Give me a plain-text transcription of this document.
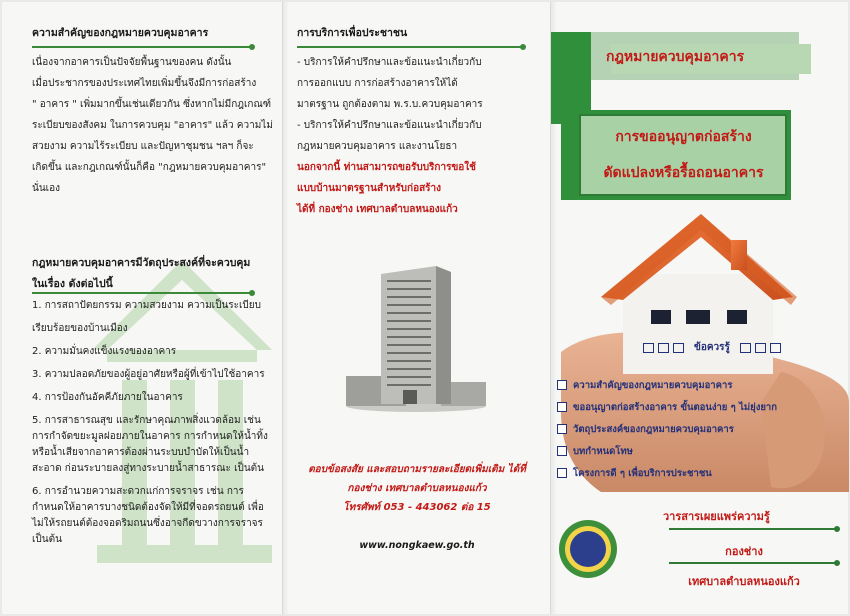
ความสำคัญของกฎหมายควบคุมอาคาร

เนื่องจากอาคารเป็นปัจจัยพื้นฐานของคน ดังนั้น

เมื่อประชากรของประเทศไทยเพิ่มขึ้นจึงมีการก่อสร้าง

" อาคาร " เพิ่มมากขึ้นเช่นเดียวกัน ซึ่งหากไม่มีกฎเกณฑ์

ระเบียบของสังคม ในการควบคุม "อาคาร" แล้ว ความไม่

สวยงาม ความไร้ระเบียบ และปัญหาชุมชน ฯลฯ ก็จะ

เกิดขึ้น และกฎเกณฑ์นั้นก็คือ "กฎหมายควบคุมอาคาร"

นั่นเอง

กฎหมายควบคุมอาคารมีวัตถุประสงค์ที่จะควบคุม
ในเรื่อง ดังต่อไปนี้
1. การสถาปัตยกรรม ความสวยงาม ความเป็นระเบียบ
เรียบร้อยของบ้านเมือง
2. ความมั่นคงแข็งแรงของอาคาร
3. ความปลอดภัยของผู้อยู่อาศัยหรือผู้ที่เข้าไปใช้อาคาร
4. การป้องกันอัคคีภัยภายในอาคาร
5. การสาธารณสุข และรักษาคุณภาพสิ่งแวดล้อม เช่น การกำจัดขยะมูลฝอยภายในอาคาร การกำหนดให้น้ำทิ้งหรือน้ำเสียจากอาคารต้องผ่านระบบบำบัดให้เป็นน้ำสะอาด ก่อนระบายลงสู่ทางระบายน้ำสาธารณะ เป็นต้น
6. การอำนวยความสะดวกแก่การจราจร เช่น การกำหนดให้อาคารบางชนิดต้องจัดให้มีที่จอดรถยนต์ เพื่อไม่ให้รถยนต์ต้องจอดริมถนนซึ่งอาจกีดขวางการจราจร เป็นต้น
การบริการเพื่อประชาชน

- บริการให้คำปรึกษาและข้อแนะนำเกี่ยวกับ

การออกแบบ การก่อสร้างอาคารให้ได้

มาตรฐาน ถูกต้องตาม พ.ร.บ.ควบคุมอาคาร

- บริการให้คำปรึกษาและข้อแนะนำเกี่ยวกับ

กฎหมายควบคุมอาคาร และงานโยธา

นอกจากนี้ ท่านสามารถขอรับบริการขอใช้

แบบบ้านมาตรฐานสำหรับก่อสร้าง

ได้ที่ กองช่าง เทศบาลตำบลหนองแก้ว

ตอบข้อสงสัย และสอบถามรายละเอียดเพิ่มเติม ได้ที่
กองช่าง เทศบาลตำบลหนองแก้ว
โทรศัพท์ 053 - 443062 ต่อ 15
www.nongkaew.go.th
กฎหมายควบคุมอาคาร
การขออนุญาตก่อสร้าง
ดัดแปลงหรือรื้อถอนอาคาร
ข้อควรรู้
ความสำคัญของกฎหมายควบคุมอาคาร
ขออนุญาตก่อสร้างอาคาร ขั้นตอนง่าย ๆ ไม่ยุ่งยาก
วัตถุประสงค์ของกฎหมายควบคุมอาคาร
บทกำหนดโทษ
โครงการดี ๆ เพื่อบริการประชาชน
วารสารเผยแพร่ความรู้
กองช่าง
เทศบาลตำบลหนองแก้ว
